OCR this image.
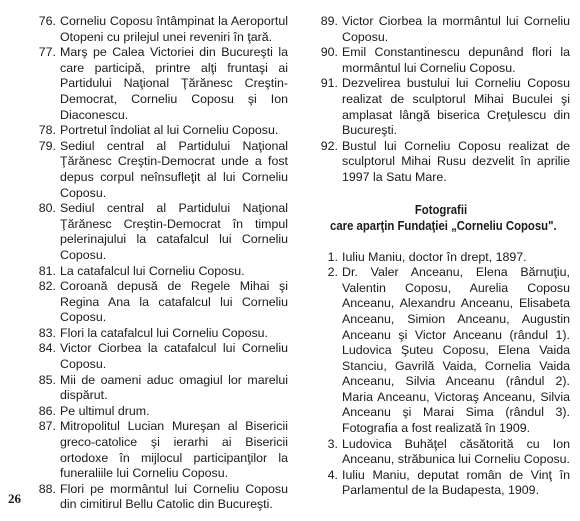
76. Corneliu Coposu întâmpinat la Aeroportul Otopeni cu prilejul unei reveniri în ţară.
77. Marş pe Calea Victoriei din Bucureşti la care participă, printre alţi fruntaşi ai Partidului Naţional Ţărănesc Creştin-Democrat, Corneliu Coposu şi Ion Diaconescu.
78. Portretul îndoliat al lui Corneliu Coposu.
79. Sediul central al Partidului Naţional Ţărănesc Creştin-Democrat unde a fost depus corpul neînsufleţit al lui Corneliu Coposu.
80. Sediul central al Partidului Naţional Ţărănesc Creştin-Democrat în timpul pelerinajului la catafalcul lui Corneliu Coposu.
81. La catafalcul lui Corneliu Coposu.
82. Coroană depusă de Regele Mihai şi Regina Ana la catafalcul lui Corneliu Coposu.
83. Flori la catafalcul lui Corneliu Coposu.
84. Victor Ciorbea la catafalcul lui Corneliu Coposu.
85. Mii de oameni aduc omagiul lor marelui dispărut.
86. Pe ultimul drum.
87. Mitropolitul Lucian Mureşan al Bisericii greco-catolice şi ierarhi ai Bisericii ortodoxe în mijlocul participanţilor la funeraliile lui Corneliu Coposu.
88. Flori pe mormântul lui Corneliu Coposu din cimitirul Bellu Catolic din Bucureşti.
89. Victor Ciorbea la mormântul lui Corneliu Coposu.
90. Emil Constantinescu depunând flori la mormântul lui Corneliu Coposu.
91. Dezvelirea bustului lui Corneliu Coposu realizat de sculptorul Mihai Buculei şi amplasat lângă biserica Creţulescu din Bucureşti.
92. Bustul lui Corneliu Coposu realizat de sculptorul Mihai Rusu dezvelit în aprilie 1997 la Satu Mare.
Fotografii
care aparţin Fundaţiei „Corneliu Coposu".
1. Iuliu Maniu, doctor în drept, 1897.
2. Dr. Valer Anceanu, Elena Bărnuţiu, Valentin Coposu, Aurelia Coposu Anceanu, Alexandru Anceanu, Elisabeta Anceanu, Simion Anceanu, Augustin Anceanu şi Victor Anceanu (rândul 1). Ludovica Şuteu Coposu, Elena Vaida Stanciu, Gavrilă Vaida, Cornelia Vaida Anceanu, Silvia Anceanu (rândul 2). Maria Anceanu, Victoraş Anceanu, Silvia Anceanu şi Marai Sima (rândul 3). Fotografia a fost realizată în 1909.
3. Ludovica Buhăţel căsătorită cu Ion Anceanu, străbunica lui Corneliu Coposu.
4. Iuliu Maniu, deputat român de Vinţ în Parlamentul de la Budapesta, 1909.
26
